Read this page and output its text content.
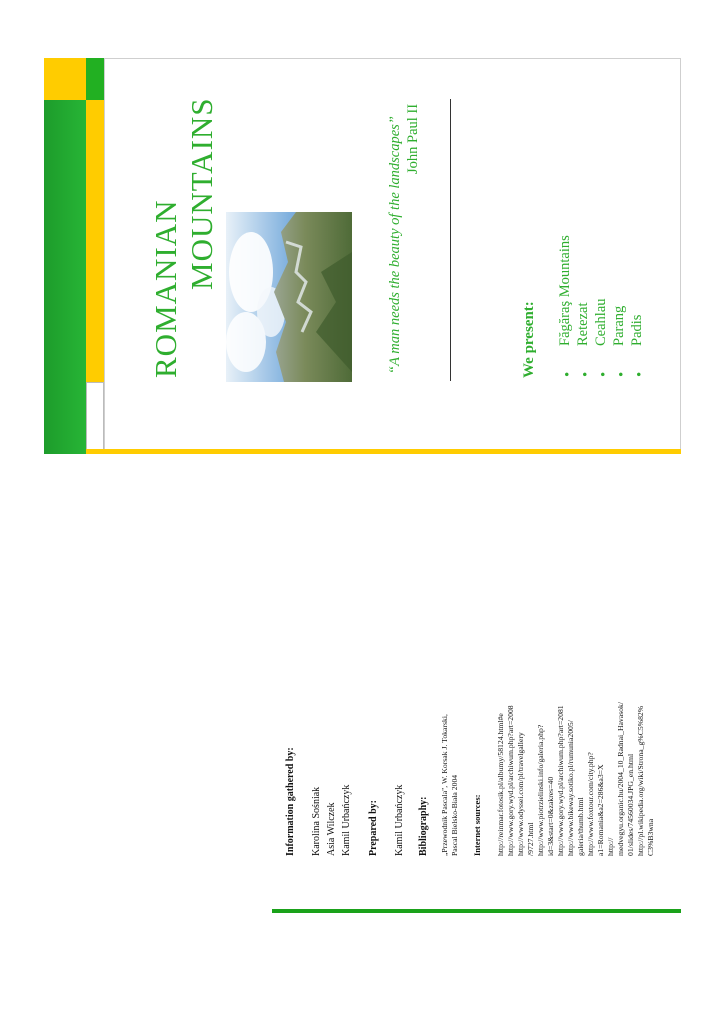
ROMANIAN MOUNTAINS	“A man needs the beauty of the landscapes” John Paul II
We present: •
Făgăraş Mountains
•
Retezat
•
Ceahlau
•
Parang
•
Padis
Information gathered by: Karolina Sośniak Asia Wilczek Kamil Urbańczyk Prepared by: Kamil Urbańczyk Bibliography: „Przewodnik Pascala", W. Korsak J. Tokarski, Pascal Bielsko-Biała 2004 Internet sources: http://reinmar.fotosik.pl/albumy/58124.html#e http://www.gory.wyd.pl/archiwum.php?art=2008 http://www.odyssei.com/pl/travelgallery /9727.html http://www.piotrzielinski.info/galeria.php? id=3&start=0&zakres=40 http://www.gory.wyd.pl/archiwum.php?art=2081 http://www.bikeway.sotiko.pl/rumunia2005/ galeria/thumb.html http://www.foxtour.com/city.php? a1=Romania&a2=286&a3=X http:// medvegyu.organic.hu/2004_10_Radnai_Havasok/ 01/slides/74560034.JPG_en.html http://pl.wikipedia.org/wiki/Strona_g%C5%82% C3%B3wna
